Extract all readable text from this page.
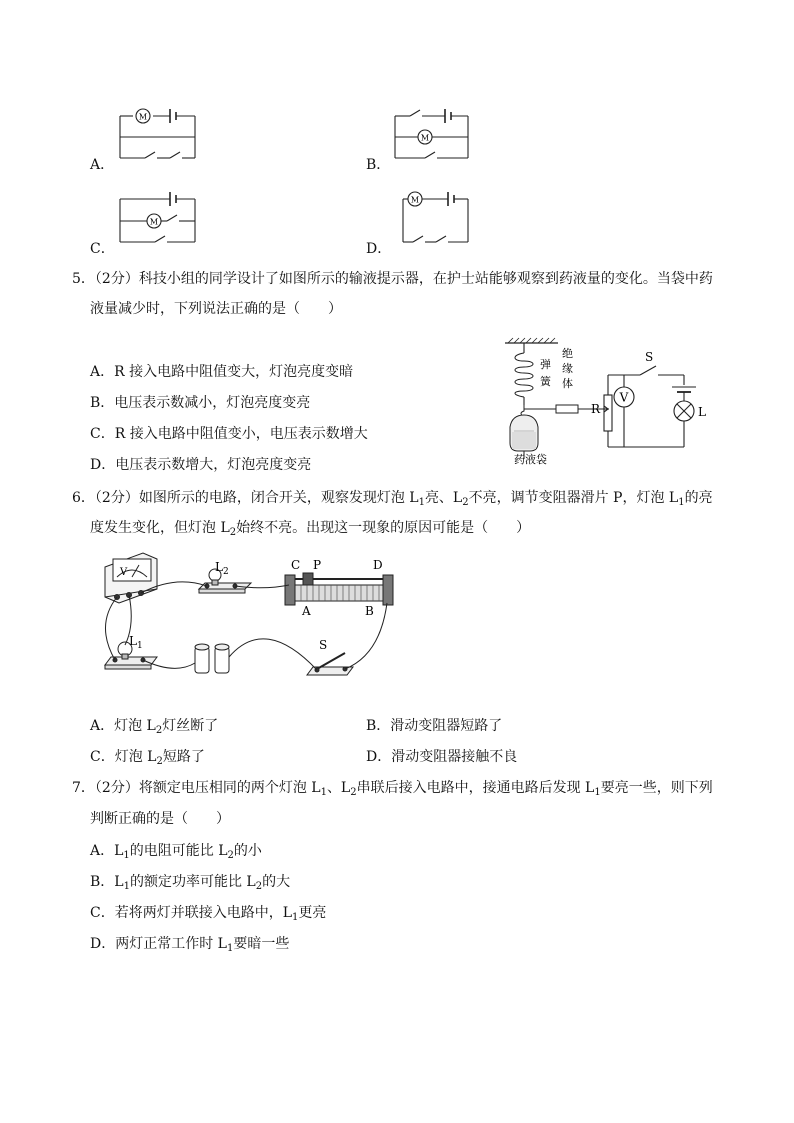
A．
M
B．
M
C．
M
D．
M
5．（2分）科技小组的同学设计了如图所示的输液提示器，在护士站能够观察到药液量的变化。当袋中药
液量减少时，下列说法正确的是（　　）
A．R 接入电路中阻值变大，灯泡亮度变暗
B．电压表示数减小，灯泡亮度变亮
C．R 接入电路中阻值变小，电压表示数增大
D．电压表示数增大，灯泡亮度变亮
弹
簧
绝
缘
体
药液袋
V
R
S
L
6．（2分）如图所示的电路，闭合开关，观察发现灯泡 $L_1$亮、$L_2$不亮，调节变阻器滑片 P，灯泡 $L_1$的亮
度发生变化，但灯泡 $L_2$始终不亮。出现这一现象的原因可能是（　　）
$L_2$
$L_1$
C P	D
A	B
S
V
A．灯泡 $L_2$灯丝断了	B．滑动变阻器短路了
C．灯泡 $L_2$短路了	D．滑动变阻器接触不良
7．（2分）将额定电压相同的两个灯泡 $L_1$、$L_2$串联后接入电路中，接通电路后发现 $L_1$要亮一些，则下列
判断正确的是（　　）
A．$L_1$的电阻可能比 $L_2$的小
B．$L_1$的额定功率可能比 $L_2$的大
C．若将两灯并联接入电路中，$L_1$更亮
D．两灯正常工作时 $L_1$要暗一些
